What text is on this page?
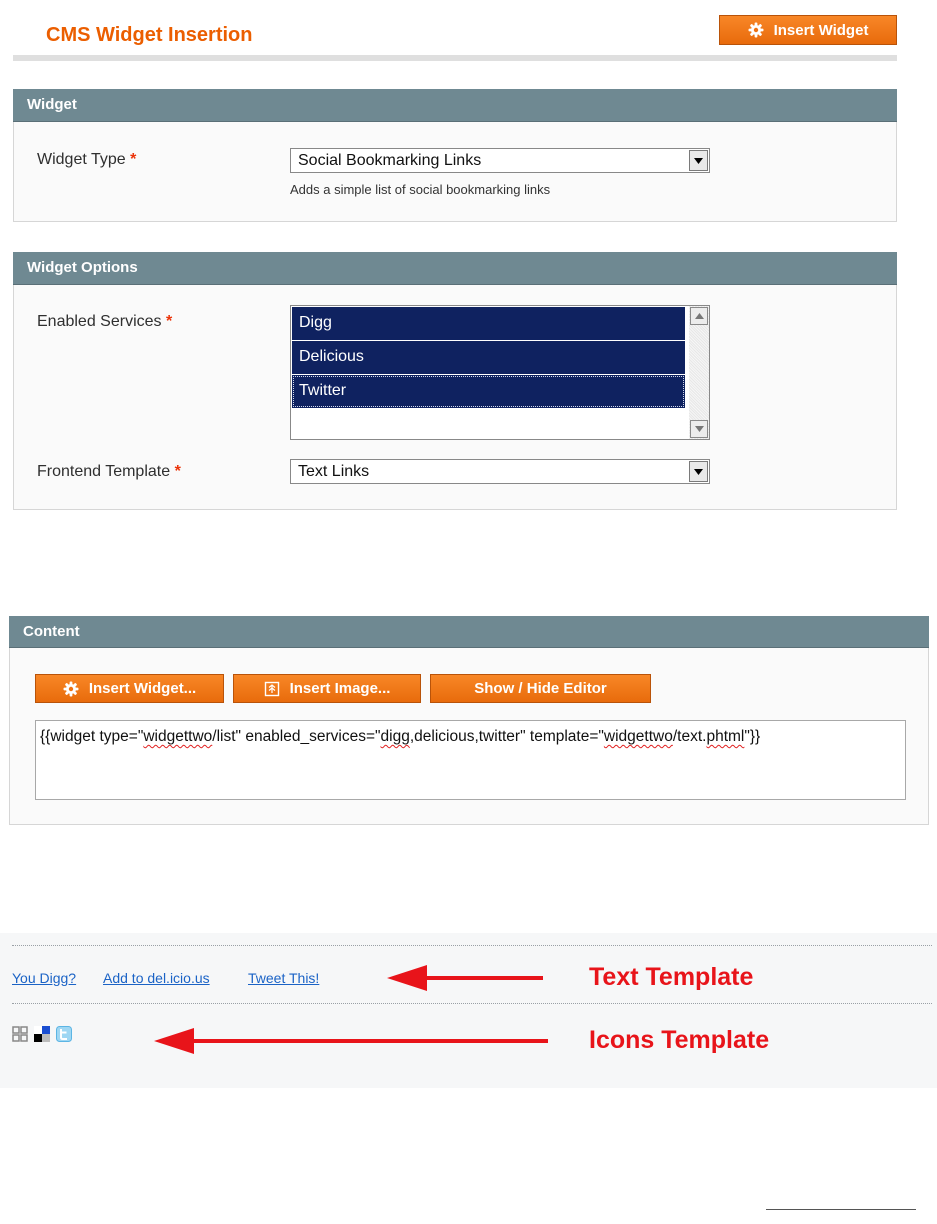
CMS Widget Insertion	Insert Widget
Widget
Widget Type *	Social Bookmarking Links
Adds a simple list of social bookmarking links
Widget Options
Enabled Services *	Digg
Delicious
Twitter
Frontend Template *	Text Links
Content
Insert Widget...	Insert Image...	Show / Hide Editor
{{widget type="widgettwo/list" enabled_services="digg,delicious,twitter" template="widgettwo/text.phtml"}}
You Digg? Add to del.icio.us	Tweet This!	Text Template
Icons Template
